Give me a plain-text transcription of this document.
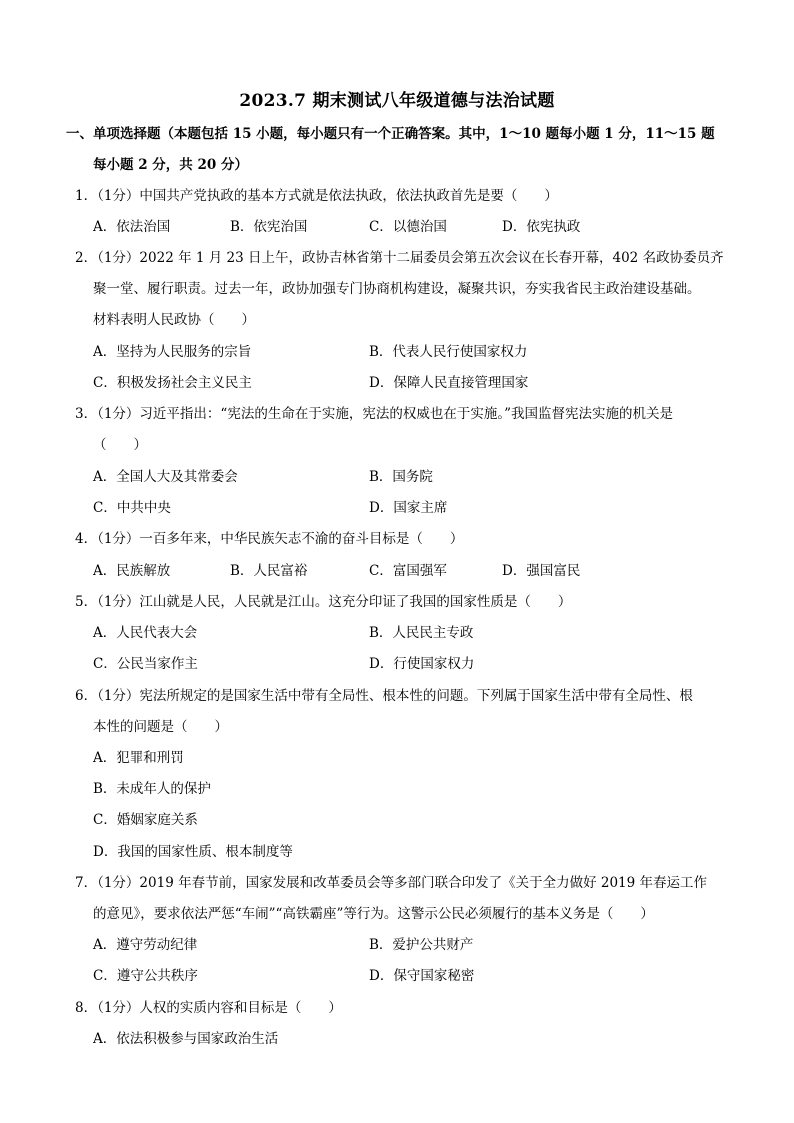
2023.7 期末测试八年级道德与法治试题
一、单项选择题（本题包括 15 小题，每小题只有一个正确答案。其中，1～10 题每小题 1 分，11～15 题
每小题 2 分，共 20 分）
1．（1分）中国共产党执政的基本方式就是依法执政，依法执政首先是要（　　）
A．依法治国	B．依宪治国	C．以德治国	D．依宪执政
2．（1分）2022 年 1 月 23 日上午，政协吉林省第十二届委员会第五次会议在长春开幕，402 名政协委员齐
聚一堂、履行职责。过去一年，政协加强专门协商机构建设，凝聚共识，夯实我省民主政治建设基础。
材料表明人民政协（　　）
A．坚持为人民服务的宗旨	B．代表人民行使国家权力
C．积极发扬社会主义民主	D．保障人民直接管理国家
3．（1分）习近平指出：“宪法的生命在于实施，宪法的权威也在于实施。”我国监督宪法实施的机关是
（　　）
A．全国人大及其常委会	B．国务院
C．中共中央	D．国家主席
4．（1分）一百多年来，中华民族矢志不渝的奋斗目标是（　　）
A．民族解放	B．人民富裕	C．富国强军	D．强国富民
5．（1分）江山就是人民，人民就是江山。这充分印证了我国的国家性质是（　　）
A．人民代表大会	B．人民民主专政
C．公民当家作主	D．行使国家权力
6．（1分）宪法所规定的是国家生活中带有全局性、根本性的问题。下列属于国家生活中带有全局性、根
本性的问题是（　　）
A．犯罪和刑罚
B．未成年人的保护
C．婚姻家庭关系
D．我国的国家性质、根本制度等
7．（1分）2019 年春节前，国家发展和改革委员会等多部门联合印发了《关于全力做好 2019 年春运工作
的意见》，要求依法严惩“车闹”“高铁霸座”等行为。这警示公民必须履行的基本义务是（　　）
A．遵守劳动纪律	B．爱护公共财产
C．遵守公共秩序	D．保守国家秘密
8．（1分）人权的实质内容和目标是（　　）
A．依法积极参与国家政治生活
